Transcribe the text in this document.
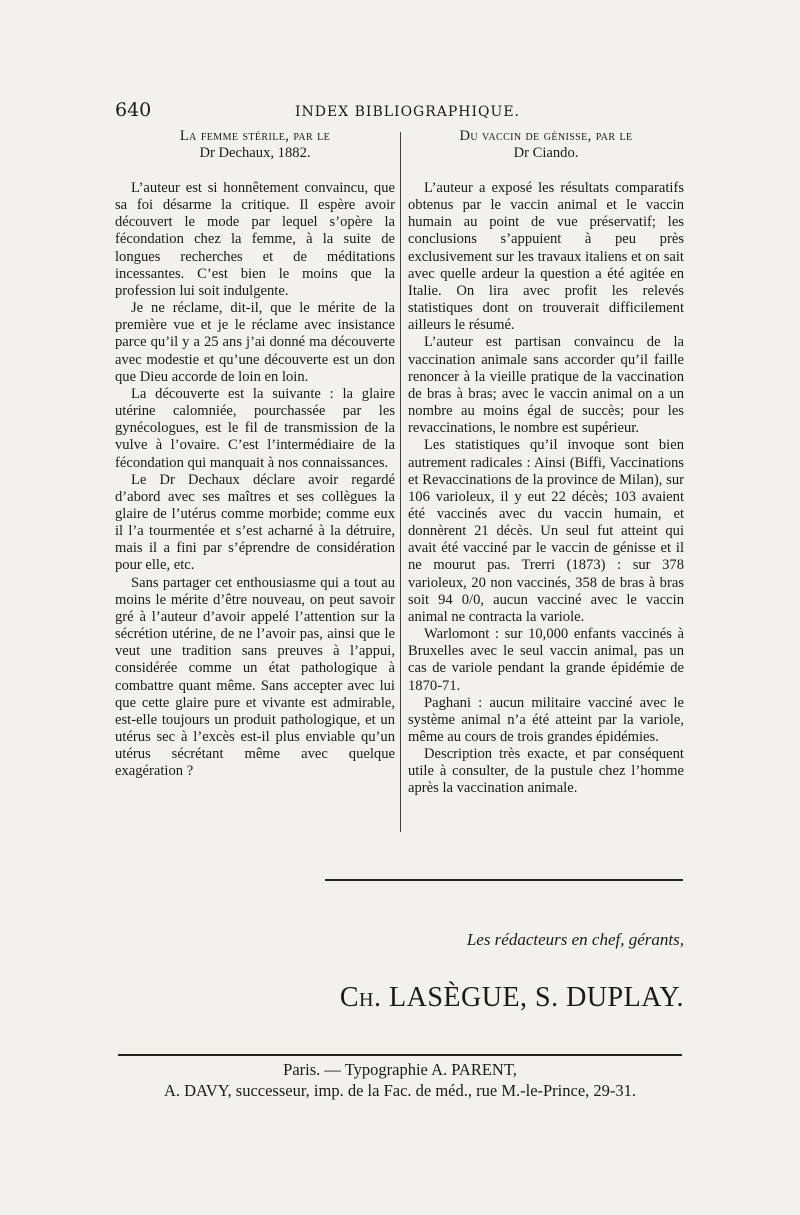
640	INDEX BIBLIOGRAPHIQUE.
La femme stérile, par le
Dr Dechaux, 1882.

L’auteur est si honnêtement convaincu, que sa foi désarme la critique. Il espère avoir découvert le mode par lequel s’opère la fécondation chez la femme, à la suite de longues recherches et de méditations incessantes. C’est bien le moins que la profession lui soit indulgente.

Je ne réclame, dit-il, que le mérite de la première vue et je le réclame avec insistance parce qu’il y a 25 ans j’ai donné ma découverte avec modestie et qu’une découverte est un don que Dieu accorde de loin en loin.

La découverte est la suivante : la glaire utérine calomniée, pourchassée par les gynécologues, est le fil de transmission de la vulve à l’ovaire. C’est l’intermédiaire de la fécondation qui manquait à nos connaissances.

Le Dr Dechaux déclare avoir regardé d’abord avec ses maîtres et ses collègues la glaire de l’utérus comme morbide; comme eux il l’a tourmentée et s’est acharné à la détruire, mais il a fini par s’éprendre de considération pour elle, etc.

Sans partager cet enthousiasme qui a tout au moins le mérite d’être nouveau, on peut savoir gré à l’auteur d’avoir appelé l’attention sur la sécrétion utérine, de ne l’avoir pas, ainsi que le veut une tradition sans preuves à l’appui, considérée comme un état pathologique à combattre quant même. Sans accepter avec lui que cette glaire pure et vivante est admirable, est-elle toujours un produit pathologique, et un utérus sec à l’excès est-il plus enviable qu’un utérus sécrétant même avec quelque exagération ?

Du vaccin de génisse, par le
Dr Ciando.

L’auteur a exposé les résultats comparatifs obtenus par le vaccin animal et le vaccin humain au point de vue préservatif; les conclusions s’appuient à peu près exclusivement sur les travaux italiens et on sait avec quelle ardeur la question a été agitée en Italie. On lira avec profit les relevés statistiques dont on trouverait difficilement ailleurs le résumé.

L’auteur est partisan convaincu de la vaccination animale sans accorder qu’il faille renoncer à la vieille pratique de la vaccination de bras à bras; avec le vaccin animal on a un nombre au moins égal de succès; pour les revaccinations, le nombre est supérieur.

Les statistiques qu’il invoque sont bien autrement radicales : Ainsi (Biffi, Vaccinations et Revaccinations de la province de Milan), sur 106 varioleux, il y eut 22 décès; 103 avaient été vaccinés avec du vaccin humain, et donnèrent 21 décès. Un seul fut atteint qui avait été vacciné par le vaccin de génisse et il ne mourut pas. Trerri (1873) : sur 378 varioleux, 20 non vaccinés, 358 de bras à bras soit 94 0/0, aucun vacciné avec le vaccin animal ne contracta la variole.

Warlomont : sur 10,000 enfants vaccinés à Bruxelles avec le seul vaccin animal, pas un cas de variole pendant la grande épidémie de 1870-71.

Paghani : aucun militaire vacciné avec le système animal n’a été atteint par la variole, même au cours de trois grandes épidémies.

Description très exacte, et par conséquent utile à consulter, de la pustule chez l’homme après la vaccination animale.

Les rédacteurs en chef, gérants,
Ch. LASÈGUE, S. DUPLAY.
Paris. — Typographie A. PARENT,
A. DAVY, successeur, imp. de la Fac. de méd., rue M.-le-Prince, 29-31.
